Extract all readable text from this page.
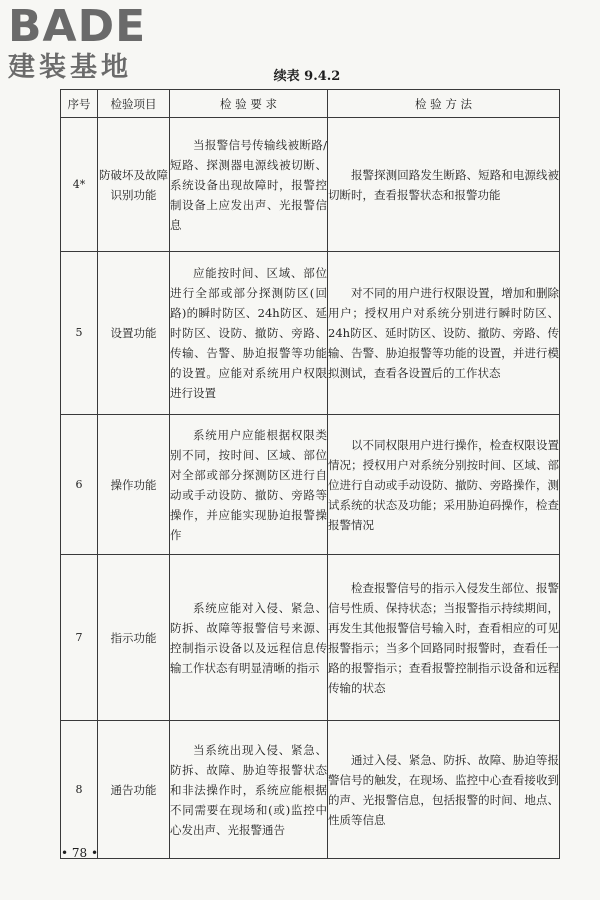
BADE
建装基地	续表 9.4.2
序号	检验项目	检 验 要 求	检 验 方 法
4*	防破坏及故障识别功能	当报警信号传输线被断路/短路、探测器电源线被切断、系统设备出现故障时，报警控制设备上应发出声、光报警信息	报警探测回路发生断路、短路和电源线被切断时，查看报警状态和报警功能

5	设置功能	应能按时间、区域、部位进行全部或部分探测防区(回路)的瞬时防区、24h防区、延时防区、设防、撤防、旁路、传输、告警、胁迫报警等功能的设置。应能对系统用户权限进行设置	对不同的用户进行权限设置，增加和删除用户；授权用户对系统分别进行瞬时防区、24h防区、延时防区、设防、撤防、旁路、传输、告警、胁迫报警等功能的设置，并进行模拟测试，查看各设置后的工作状态

6	操作功能	系统用户应能根据权限类别不同，按时间、区域、部位对全部或部分探测防区进行自动或手动设防、撤防、旁路等操作，并应能实现胁迫报警操作	以不同权限用户进行操作，检查权限设置情况；授权用户对系统分别按时间、区域、部位进行自动或手动设防、撤防、旁路操作，测试系统的状态及功能；采用胁迫码操作，检查报警情况

7	指示功能	系统应能对入侵、紧急、防拆、故障等报警信号来源、控制指示设备以及远程信息传输工作状态有明显清晰的指示	检查报警信号的指示入侵发生部位、报警信号性质、保持状态；当报警指示持续期间，再发生其他报警信号输入时，查看相应的可见报警指示；当多个回路同时报警时，查看任一路的报警指示；查看报警控制指示设备和远程传输的状态

8	通告功能	当系统出现入侵、紧急、防拆、故障、胁迫等报警状态和非法操作时，系统应能根据不同需要在现场和(或)监控中心发出声、光报警通告	通过入侵、紧急、防拆、故障、胁迫等报警信号的触发，在现场、监控中心查看接收到的声、光报警信息，包括报警的时间、地点、性质等信息
• 78 •
